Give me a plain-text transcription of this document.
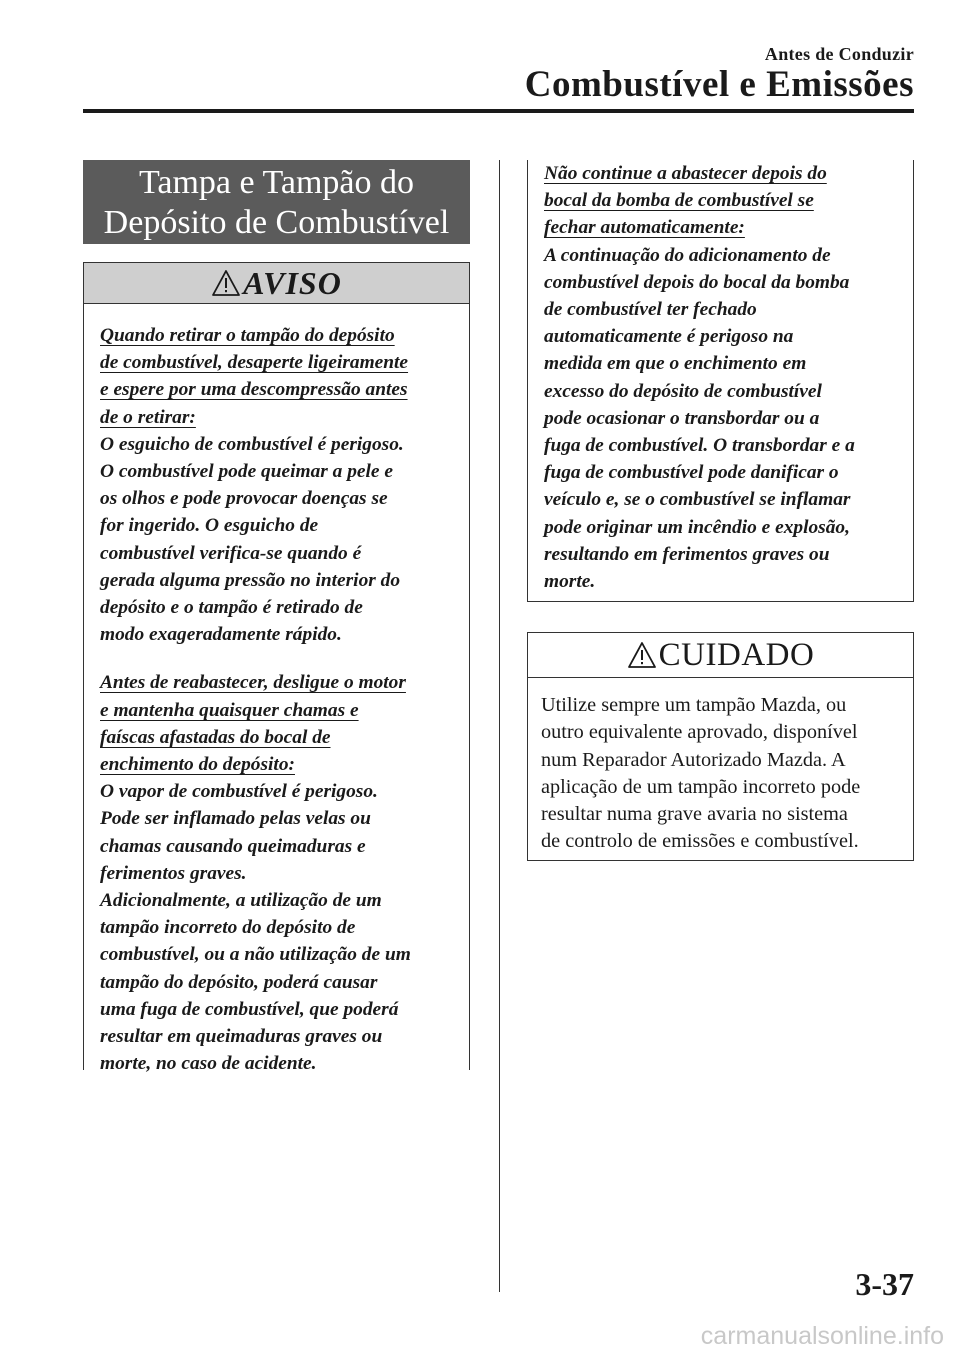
Antes de Conduzir
Combustível e Emissões
Tampa e Tampão do
Depósito de Combustível
AVISO

Quando retirar o tampão do depósito

de combustível, desaperte ligeiramente

e espere por uma descompressão antes

de o retirar:

O esguicho de combustível é perigoso.

O combustível pode queimar a pele e

os olhos e pode provocar doenças se

for ingerido. O esguicho de

combustível verifica-se quando é

gerada alguma pressão no interior do

depósito e o tampão é retirado de

modo exageradamente rápido.

Antes de reabastecer, desligue o motor

e mantenha quaisquer chamas e

faíscas afastadas do bocal de

enchimento do depósito:

O vapor de combustível é perigoso.

Pode ser inflamado pelas velas ou

chamas causando queimaduras e

ferimentos graves.

Adicionalmente, a utilização de um

tampão incorreto do depósito de

combustível, ou a não utilização de um

tampão do depósito, poderá causar

uma fuga de combustível, que poderá

resultar em queimaduras graves ou

morte, no caso de acidente.

Não continue a abastecer depois do

bocal da bomba de combustível se

fechar automaticamente:

A continuação do adicionamento de

combustível depois do bocal da bomba

de combustível ter fechado

automaticamente é perigoso na

medida em que o enchimento em

excesso do depósito de combustível

pode ocasionar o transbordar ou a

fuga de combustível. O transbordar e a

fuga de combustível pode danificar o

veículo e, se o combustível se inflamar

pode originar um incêndio e explosão,

resultando em ferimentos graves ou

morte.

CUIDADO

Utilize sempre um tampão Mazda, ou

outro equivalente aprovado, disponível

num Reparador Autorizado Mazda. A

aplicação de um tampão incorreto pode

resultar numa grave avaria no sistema

de controlo de emissões e combustível.

3-37
carmanualsonline.info
